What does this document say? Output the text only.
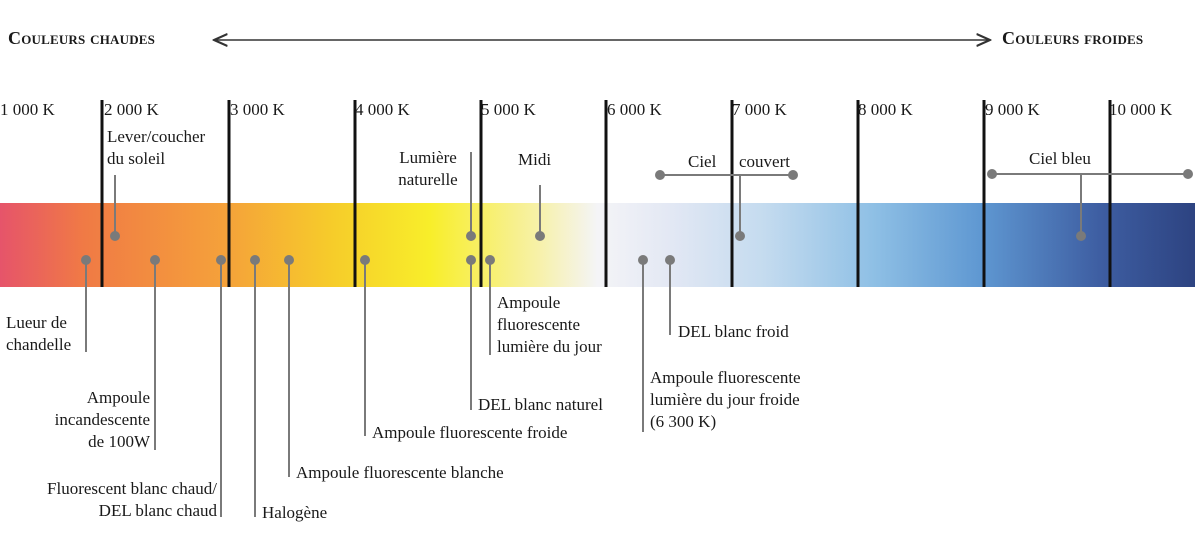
Couleurs chaudes	Couleurs froides
1 000 K	2 000 K	3 000 K	4 000 K	5 000 K	6 000 K	7 000 K	8 000 K	9 000 K	10 000 K
Lever/coucher
du soleil	Lumière
naturelle
Midi	Ciel couvert	Ciel bleu
Lueur de
chandelle
Ampoule
incandescente
de 100W
Fluorescent blanc chaud/
DEL blanc chaud	Halogène
Ampoule fluorescente blanche
Ampoule fluorescente froide
DEL blanc naturel
Ampoule
fluorescente
lumière du jour
DEL blanc froid
Ampoule fluorescente
lumière du jour froide
(6 300 K)
